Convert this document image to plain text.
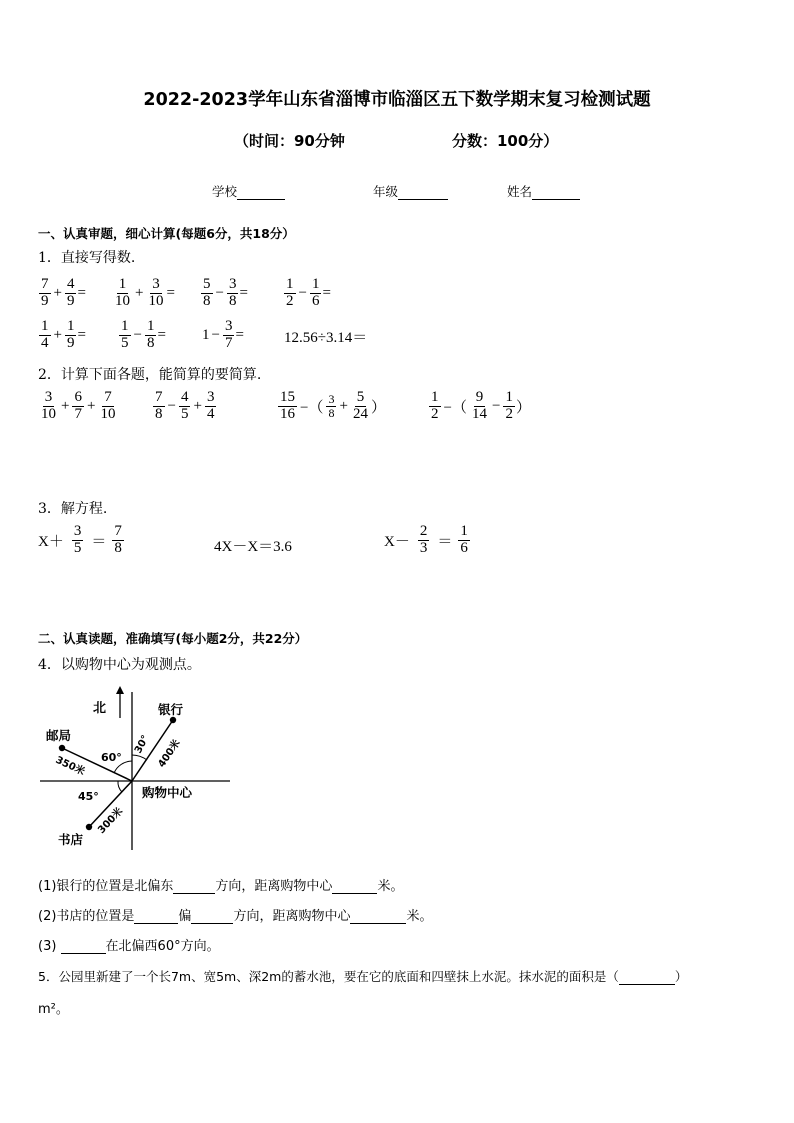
2022-2023学年山东省淄博市临淄区五下数学期末复习检测试题
（时间：90分钟	分数：100分）
学校	年级	姓名
一、认真审题，细心计算(每题6分，共18分）
1．直接写得数.
$\frac{7}{9} + \frac{4}{9} = \frac{1}{10} + \frac{3}{10} = \frac{5}{8} - \frac{3}{8} = \frac{1}{2} - \frac{1}{6}$ =
$\frac{1}{4} + \frac{1}{9} = \frac{1}{5} - \frac{1}{8} = 1 - \frac{3}{7}$ =	12.56÷3.14＝
2．计算下面各题，能简算的要简算.
$\frac{3}{10} + \frac{6}{7} + \frac{7}{10} \frac{7}{8} - \frac{4}{5} + \frac{3}{4}$	$\frac{15}{16}$ −（ $\frac{3}{8} + \frac{5}{24}$ ）	$\frac{1}{2}$ −（ $\frac{9}{14} - \frac{1}{2}$ ）
3．解方程.
$X+ \frac{3}{5} = \frac{7}{8}$	4X－X＝3.6	$X- \frac{2}{3} = \frac{1}{6}$
二、认真读题，准确填写(每小题2分，共22分）
4．以购物中心为观测点。
北	银行
400米
邮局
350米
书店
300米
购物中心
60°
30°
45°
(1)银行的位置是北偏东	方向，距离购物中心	米。
(2)书店的位置是	偏	方向，距离购物中心	米。
(3)	在北偏西60°方向。
5．公园里新建了一个长7m、宽5m、深2m的蓄水池，要在它的底面和四壁抹上水泥。抹水泥的面积是（	）
m²。
